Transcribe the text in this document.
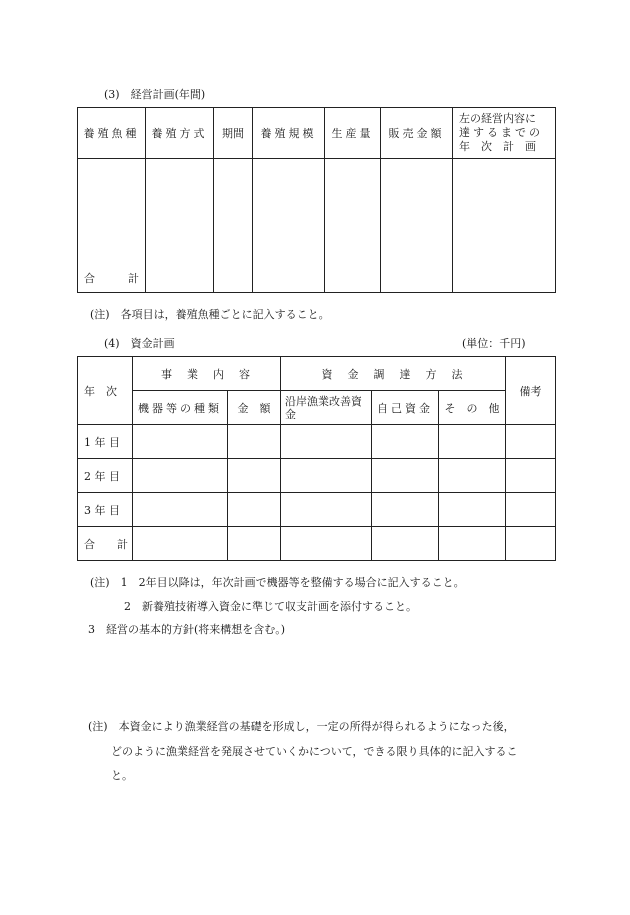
(3)　経営計画(年間)
養殖魚種	養殖方式	期間	養殖規模	生産量	販売金額	左の経営内容に
達するまでの
年　次　計　画

合　　　計						
(注)　各項目は，養殖魚種ごとに記入すること。
(4)　資金計画	(単位：千円)
年　次	事　業　内　容		資　金　調　達　方　法			備考
	機器等の種類	金　額	沿岸漁業改善資金	自己資金	そ　の　他	
1 年 目						
2 年 目						
3 年 目						
合　　計						
(注)　1　2年目以降は，年次計画で機器等を整備する場合に記入すること。
2　新養殖技術導入資金に準じて収支計画を添付すること。
3　経営の基本的方針(将来構想を含む。)
(注)　本資金により漁業経営の基礎を形成し，一定の所得が得られるようになった後，
どのように漁業経営を発展させていくかについて，できる限り具体的に記入するこ
と。
